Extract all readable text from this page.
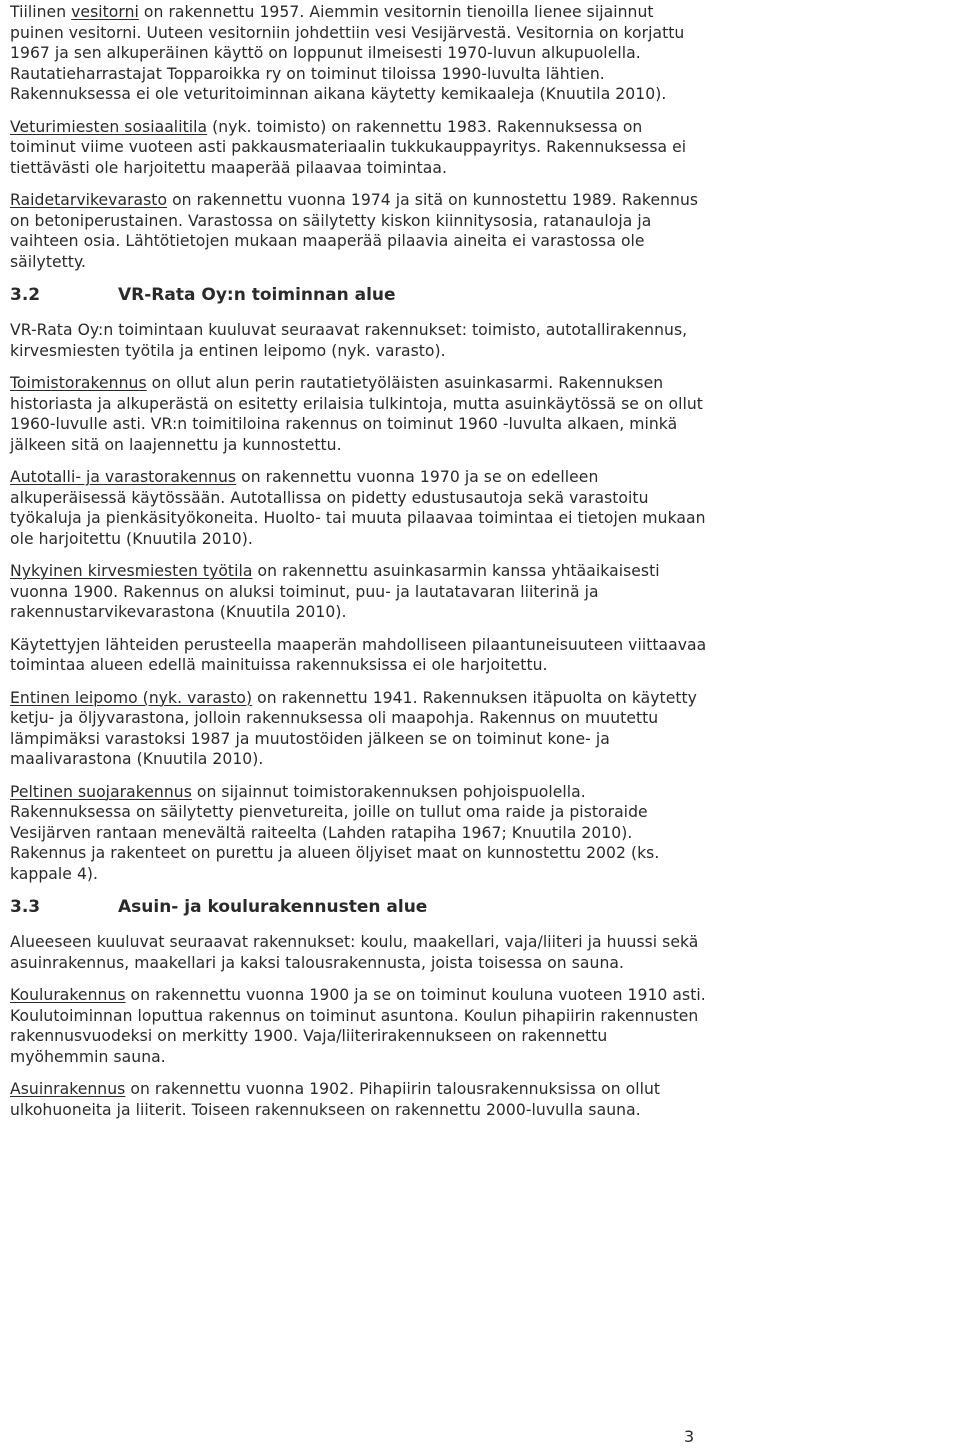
Tiilinen vesitorni on rakennettu 1957. Aiemmin vesitornin tienoilla lienee sijainnut puinen vesitorni. Uuteen vesitorniin johdettiin vesi Vesijärvestä. Vesitornia on korjattu 1967 ja sen alkuperäinen käyttö on loppunut ilmeisesti 1970-luvun alkupuolella. Rautatieharrastajat Topparoikka ry on toiminut tiloissa 1990-luvulta lähtien. Rakennuksessa ei ole veturitoiminnan aikana käytetty kemikaaleja (Knuutila 2010).

Veturimiesten sosiaalitila (nyk. toimisto) on rakennettu 1983. Rakennuksessa on toiminut viime vuoteen asti pakkausmateriaalin tukkukauppayritys. Rakennuksessa ei tiettävästi ole harjoitettu maaperää pilaavaa toimintaa.

Raidetarvikevarasto on rakennettu vuonna 1974 ja sitä on kunnostettu 1989. Rakennus on betoniperustainen. Varastossa on säilytetty kiskon kiinnitysosia, ratanauloja ja vaihteen osia. Lähtötietojen mukaan maaperää pilaavia aineita ei varastossa ole säilytetty.

3.2	VR-Rata Oy:n toiminnan alue

VR-Rata Oy:n toimintaan kuuluvat seuraavat rakennukset: toimisto, autotallirakennus, kirvesmiesten työtila ja entinen leipomo (nyk. varasto).

Toimistorakennus on ollut alun perin rautatietyöläisten asuinkasarmi. Rakennuksen historiasta ja alkuperästä on esitetty erilaisia tulkintoja, mutta asuinkäytössä se on ollut 1960-luvulle asti. VR:n toimitiloina rakennus on toiminut 1960 -luvulta alkaen, minkä jälkeen sitä on laajennettu ja kunnostettu.

Autotalli- ja varastorakennus on rakennettu vuonna 1970 ja se on edelleen alkuperäisessä käytössään. Autotallissa on pidetty edustusautoja sekä varastoitu työkaluja ja pienkäsityökoneita. Huolto- tai muuta pilaavaa toimintaa ei tietojen mukaan ole harjoitettu (Knuutila 2010).

Nykyinen kirvesmiesten työtila on rakennettu asuinkasarmin kanssa yhtäaikaisesti vuonna 1900. Rakennus on aluksi toiminut, puu- ja lautatavaran liiterinä ja rakennustarvikevarastona (Knuutila 2010).

Käytettyjen lähteiden perusteella maaperän mahdolliseen pilaantuneisuuteen viittaavaa toimintaa alueen edellä mainituissa rakennuksissa ei ole harjoitettu.

Entinen leipomo (nyk. varasto) on rakennettu 1941. Rakennuksen itäpuolta on käytetty ketju- ja öljyvarastona, jolloin rakennuksessa oli maapohja. Rakennus on muutettu lämpimäksi varastoksi 1987 ja muutostöiden jälkeen se on toiminut kone- ja maalivarastona (Knuutila 2010).

Peltinen suojarakennus on sijainnut toimistorakennuksen pohjoispuolella. Rakennuksessa on säilytetty pienvetureita, joille on tullut oma raide ja pistoraide Vesijärven rantaan menevältä raiteelta (Lahden ratapiha 1967; Knuutila 2010). Rakennus ja rakenteet on purettu ja alueen öljyiset maat on kunnostettu 2002 (ks. kappale 4).

3.3	Asuin- ja koulurakennusten alue

Alueeseen kuuluvat seuraavat rakennukset: koulu, maakellari, vaja/liiteri ja huussi sekä asuinrakennus, maakellari ja kaksi talousrakennusta, joista toisessa on sauna.

Koulurakennus on rakennettu vuonna 1900 ja se on toiminut kouluna vuoteen 1910 asti. Koulutoiminnan loputtua rakennus on toiminut asuntona. Koulun pihapiirin rakennusten rakennusvuodeksi on merkitty 1900. Vaja/liiterirakennukseen on rakennettu myöhemmin sauna.

Asuinrakennus on rakennettu vuonna 1902. Pihapiirin talousrakennuksissa on ollut ulkohuoneita ja liiterit. Toiseen rakennukseen on rakennettu 2000-luvulla sauna.

3
